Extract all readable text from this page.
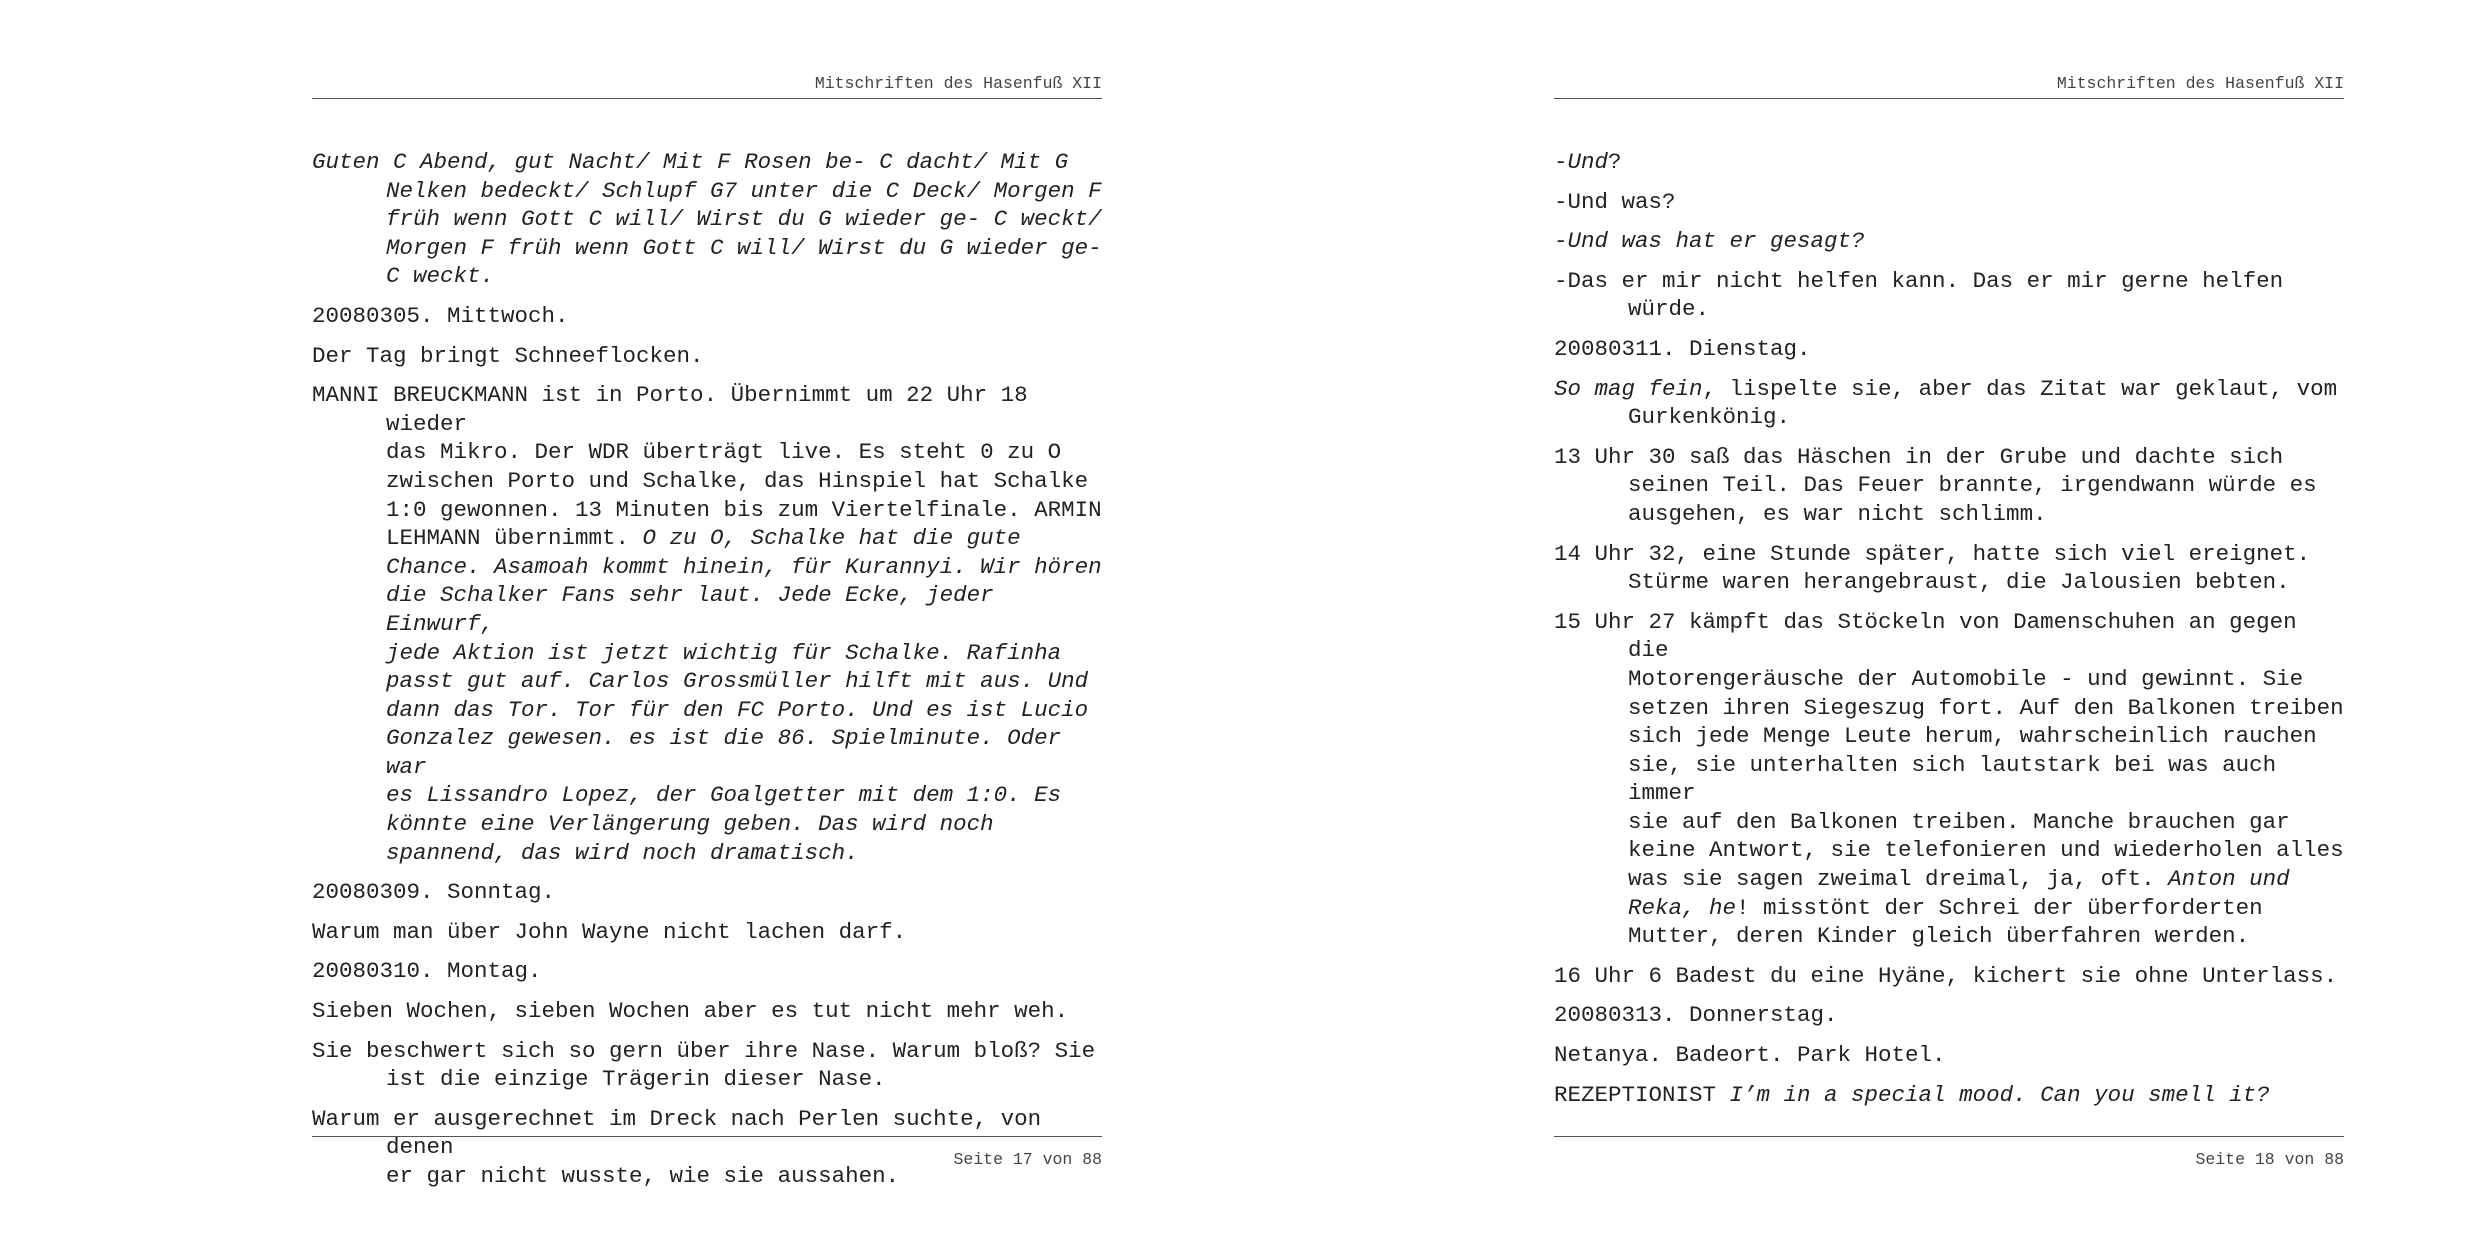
Mitschriften des Hasenfuß XII

Guten C Abend, gut Nacht/ Mit F Rosen be- C dacht/ Mit G
Nelken bedeckt/ Schlupf G7 unter die C Deck/ Morgen F
früh wenn Gott C will/ Wirst du G wieder ge- C weckt/
Morgen F früh wenn Gott C will/ Wirst du G wieder ge-
C weckt.

20080305. Mittwoch.

Der Tag bringt Schneeflocken.

MANNI BREUCKMANN ist in Porto. Übernimmt um 22 Uhr 18 wieder
das Mikro. Der WDR überträgt live. Es steht 0 zu O
zwischen Porto und Schalke, das Hinspiel hat Schalke
1:0 gewonnen. 13 Minuten bis zum Viertelfinale. ARMIN
LEHMANN übernimmt. O zu O, Schalke hat die gute
Chance. Asamoah kommt hinein, für Kurannyi. Wir hören
die Schalker Fans sehr laut. Jede Ecke, jeder Einwurf,
jede Aktion ist jetzt wichtig für Schalke. Rafinha
passt gut auf. Carlos Grossmüller hilft mit aus. Und
dann das Tor. Tor für den FC Porto. Und es ist Lucio
Gonzalez gewesen. es ist die 86. Spielminute. Oder war
es Lissandro Lopez, der Goalgetter mit dem 1:0. Es
könnte eine Verlängerung geben. Das wird noch
spannend, das wird noch dramatisch.

20080309. Sonntag.

Warum man über John Wayne nicht lachen darf.

20080310. Montag.

Sieben Wochen, sieben Wochen aber es tut nicht mehr weh.

Sie beschwert sich so gern über ihre Nase. Warum bloß? Sie
ist die einzige Trägerin dieser Nase.

Warum er ausgerechnet im Dreck nach Perlen suchte, von denen
er gar nicht wusste, wie sie aussahen.

Seite 17 von 88
Mitschriften des Hasenfuß XII

-Und?

-Und was?

-Und was hat er gesagt?

-Das er mir nicht helfen kann. Das er mir gerne helfen
würde.

20080311. Dienstag.

So mag fein, lispelte sie, aber das Zitat war geklaut, vom
Gurkenkönig.

13 Uhr 30 saß das Häschen in der Grube und dachte sich
seinen Teil. Das Feuer brannte, irgendwann würde es
ausgehen, es war nicht schlimm.

14 Uhr 32, eine Stunde später, hatte sich viel ereignet.
Stürme waren herangebraust, die Jalousien bebten.

15 Uhr 27 kämpft das Stöckeln von Damenschuhen an gegen die
Motorengeräusche der Automobile - und gewinnt. Sie
setzen ihren Siegeszug fort. Auf den Balkonen treiben
sich jede Menge Leute herum, wahrscheinlich rauchen
sie, sie unterhalten sich lautstark bei was auch immer
sie auf den Balkonen treiben. Manche brauchen gar
keine Antwort, sie telefonieren und wiederholen alles
was sie sagen zweimal dreimal, ja, oft. Anton und
Reka, he! misstönt der Schrei der überforderten
Mutter, deren Kinder gleich überfahren werden.

16 Uhr 6 Badest du eine Hyäne, kichert sie ohne Unterlass.

20080313. Donnerstag.

Netanya. Badeort. Park Hotel.

REZEPTIONIST I’m in a special mood. Can you smell it?

Seite 18 von 88
